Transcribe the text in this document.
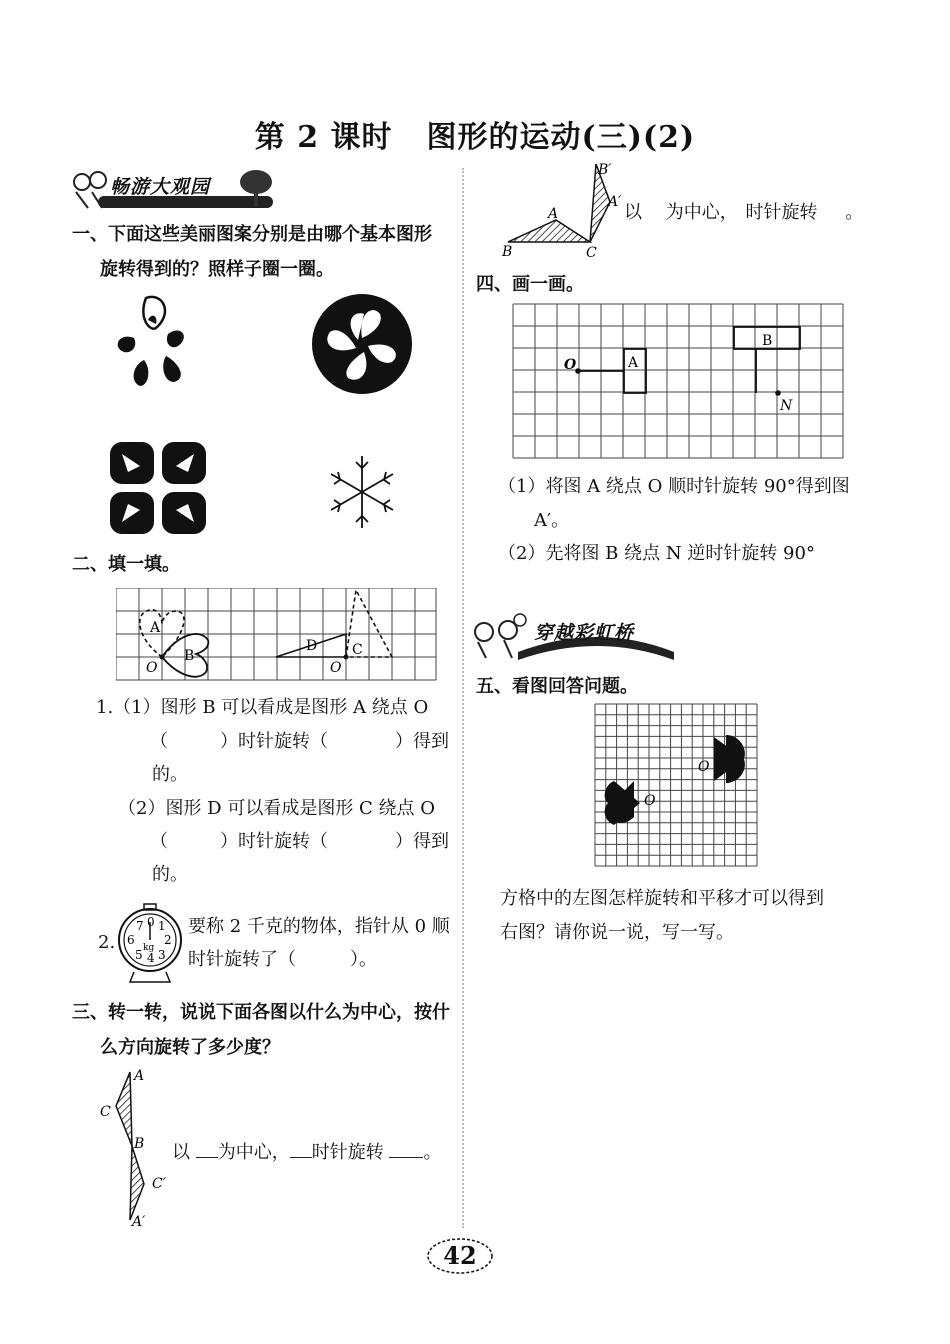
第 2 课时 图形的运动(三)(2)
畅游大观园
一、下面这些美丽图案分别是由哪个基本图形
旋转得到的？照样子圈一圈。
二、填一填。
A
B
O
D C
O
1.（1）图形 B 可以看成是图形 A 绕点 O
（	）时针旋转（	）得到
的。
（2）图形 D 可以看成是图形 C 绕点 O
（	）时针旋转（	）得到
的。
2.
7 0 1
6 2
5 4 3
kg
要称 2 千克的物体，指针从 0 顺
时针旋转了（　　　）。
三、转一转，说说下面各图以什么为中心，按什
么方向旋转了多少度？
A
C
B
C′
A′
以 为中心， 时针旋转 。
B′
A′
A
B	C
以 为中心， 时针旋转 。
四、画一画。
O	A
B
N
（1）将图 A 绕点 O 顺时针旋转 90°得到图
A′。
（2）先将图 B 绕点 N 逆时针旋转 90°
穿越彩虹桥
五、看图回答问题。
O
O
方格中的左图怎样旋转和平移才可以得到
右图？请你说一说，写一写。
42
